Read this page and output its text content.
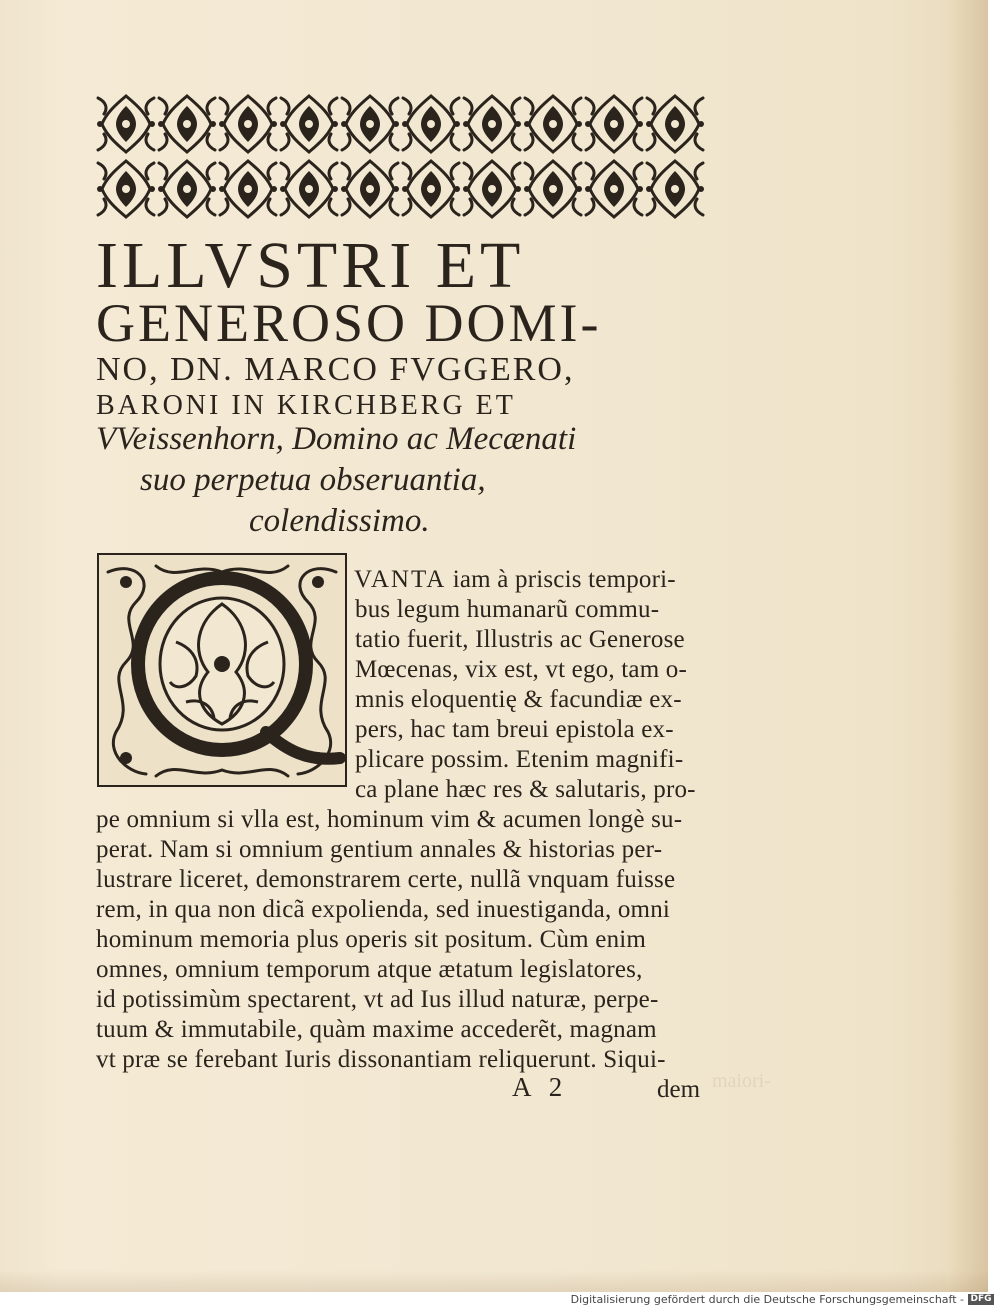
ILLVSTRI ET
GENEROSO DOMI-
NO, DN. MARCO FVGGERO,
BARONI IN KIRCHBERG ET
VVeissenhorn, Domino ac Mecænati
suo perpetua obseruantia,
colendissimo.
VANTA iam à priscis tempori-
bus legum humanarũ commu-
tatio fuerit, Illustris ac Generose
Mœcenas, vix est, vt ego, tam o-
mnis eloquentię & facundiæ ex-
pers, hac tam breui epistola ex-
plicare possim. Etenim magnifi-
ca plane hæc res & salutaris, pro-
pe omnium si vlla est, hominum vim & acumen longè su-
perat. Nam si omnium gentium annales & historias per-
lustrare liceret, demonstrarem certe, nullã vnquam fuisse
rem, in qua non dicã expolienda, sed inuestiganda, omni
hominum memoria plus operis sit positum. Cùm enim
omnes, omnium temporum atque ætatum legislatores,
id potissimùm spectarent, vt ad Ius illud naturæ, perpe-
tuum & immutabile, quàm maxime accederẽt, magnam
vt præ se ferebant Iuris dissonantiam reliquerunt. Siqui-
maiori-
A 2	dem
Digitalisierung gefördert durch die Deutsche Forschungsgemeinschaft - DFG
